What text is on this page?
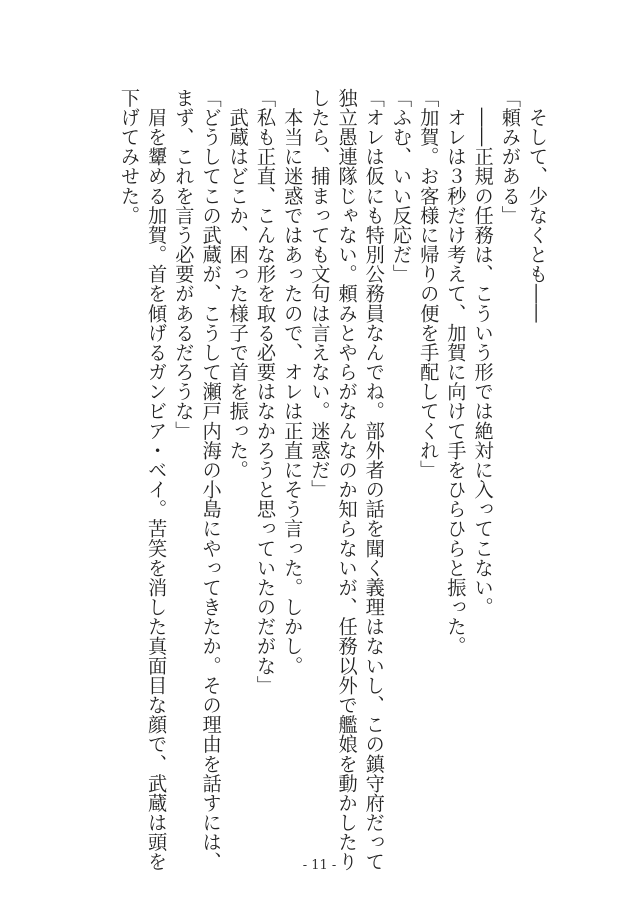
　そして、少なくとも――
「頼みがある」
　――正規の任務は、こういう形では絶対に入ってこない。
　オレは３秒だけ考えて、加賀に向けて手をひらひらと振った。
「加賀。お客様に帰りの便を手配してくれ」
「ふむ、いい反応だ」
「オレは仮にも特別公務員なんでね。部外者の話を聞く義理はないし、この鎮守府だって
独立愚連隊じゃない。頼みとやらがなんなのか知らないが、任務以外で艦娘を動かしたり
したら、捕まっても文句は言えない。迷惑だ」
　本当に迷惑ではあったので、オレは正直にそう言った。しかし。
「私も正直、こんな形を取る必要はなかろうと思っていたのだがな」
　武蔵はどこか、困った様子で首を振った。
「どうしてこの武蔵が、こうして瀬戸内海の小島にやってきたか。その理由を話すには、
まず、これを言う必要があるだろうな」
　眉を顰める加賀。首を傾げるガンビア・ベイ。苦笑を消した真面目な顔で、武蔵は頭を
下げてみせた。
- 11 -
